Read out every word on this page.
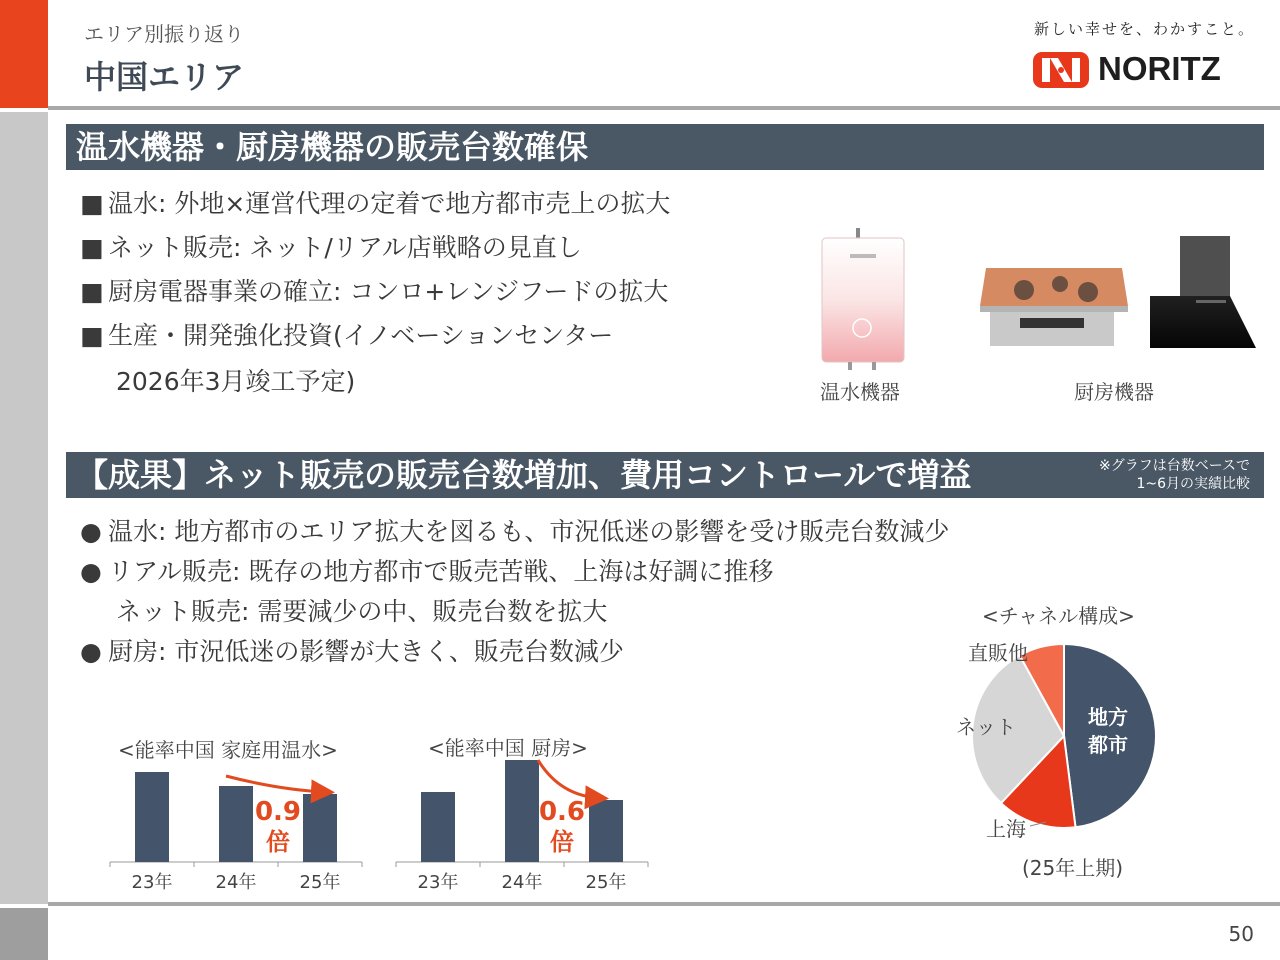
エリア別振り返り
中国エリア
新しい幸せを、わかすこと。
NORITZ
温水機器・厨房機器の販売台数確保
■ 温水: 外地×運営代理の定着で地方都市売上の拡大
■ ネット販売: ネット/リアル店戦略の見直し
■ 厨房電器事業の確立: コンロ+レンジフードの拡大
■ 生産・開発強化投資(イノベーションセンター
2026年3月竣工予定)	温水機器	厨房機器
【成果】ネット販売の販売台数増加、費用コントロールで増益	※グラフは台数ベースで
1~6月の実績比較
● 温水: 地方都市のエリア拡大を図るも、市況低迷の影響を受け販売台数減少
● リアル販売: 既存の地方都市で販売苦戦、上海は好調に推移
ネット販売: 需要減少の中、販売台数を拡大
● 厨房: 市況低迷の影響が大きく、販売台数減少
<能率中国 家庭用温水>	<能率中国 厨房>
<チャネル構成>
(25年上期)
23年 24年 25年
0.9
倍
23年 24年 25年
0.6
倍
地方
都市
上海
ネット
直販他
50
